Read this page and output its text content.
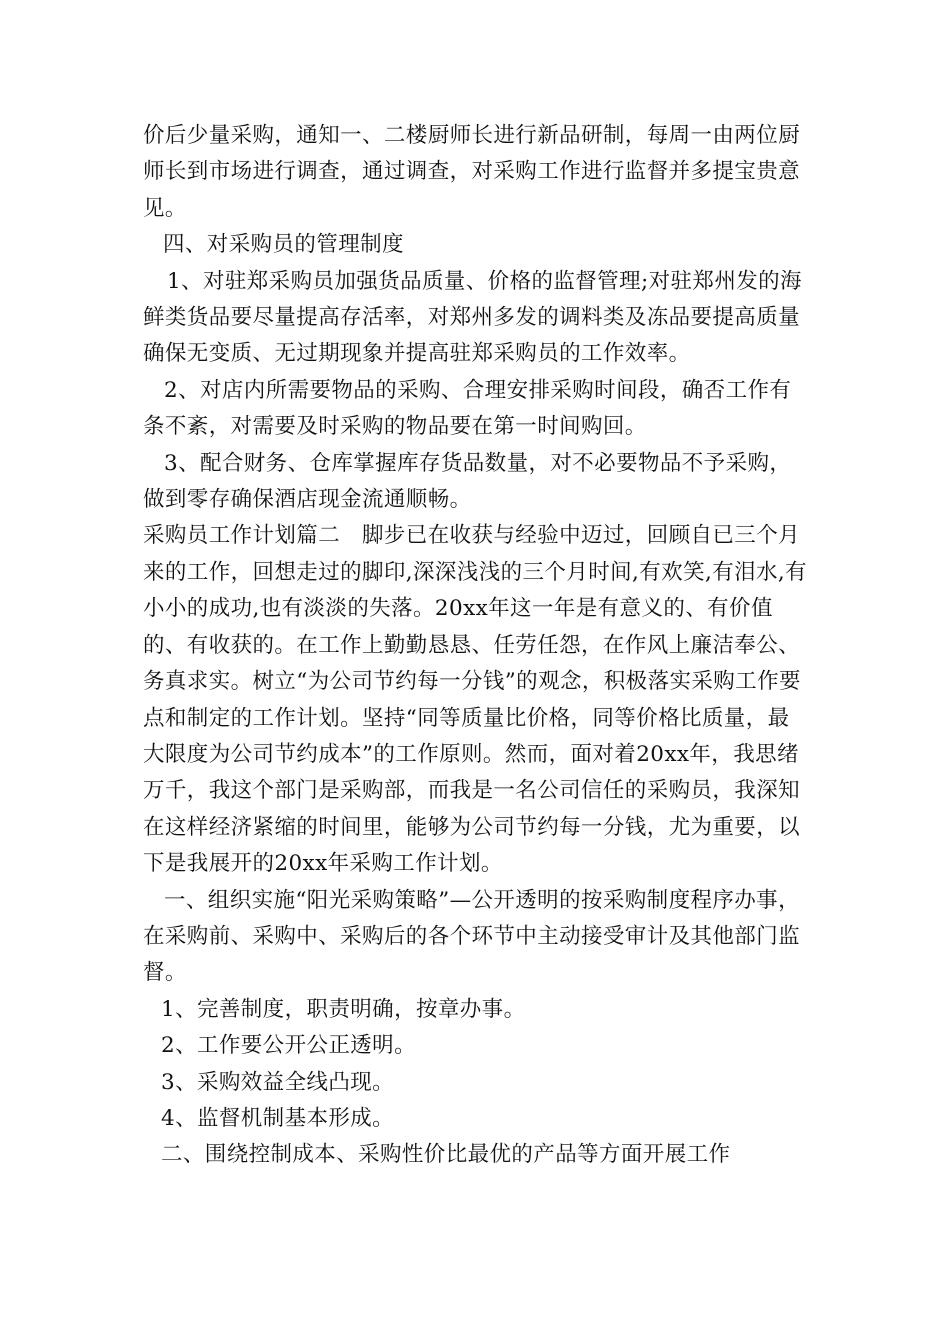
价后少量采购，通知一、二楼厨师长进行新品研制，每周一由两位厨师长到市场进行调查，通过调查，对采购工作进行监督并多提宝贵意见。

四、对采购员的管理制度

1、对驻郑采购员加强货品质量、价格的监督管理;对驻郑州发的海鲜类货品要尽量提高存活率，对郑州多发的调料类及冻品要提高质量确保无变质、无过期现象并提高驻郑采购员的工作效率。

2、对店内所需要物品的采购、合理安排采购时间段，确否工作有条不紊，对需要及时采购的物品要在第一时间购回。

3、配合财务、仓库掌握库存货品数量，对不必要物品不予采购，做到零存确保酒店现金流通顺畅。

采购员工作计划篇二　脚步已在收获与经验中迈过，回顾自已三个月来的工作，回想走过的脚印,深深浅浅的三个月时间,有欢笑,有泪水,有小小的成功,也有淡淡的失落。20xx年这一年是有意义的、有价值的、有收获的。在工作上勤勤恳恳、任劳任怨，在作风上廉洁奉公、务真求实。树立“为公司节约每一分钱”的观念，积极落实采购工作要点和制定的工作计划。坚持“同等质量比价格，同等价格比质量，最大限度为公司节约成本”的工作原则。然而，面对着20xx年，我思绪万千，我这个部门是采购部，而我是一名公司信任的采购员，我深知在这样经济紧缩的时间里，能够为公司节约每一分钱，尤为重要，以下是我展开的20xx年采购工作计划。

一、组织实施“阳光采购策略”—公开透明的按采购制度程序办事，在采购前、采购中、采购后的各个环节中主动接受审计及其他部门监督。

1、完善制度，职责明确，按章办事。

2、工作要公开公正透明。

3、采购效益全线凸现。

4、监督机制基本形成。

二、围绕控制成本、采购性价比最优的产品等方面开展工作
